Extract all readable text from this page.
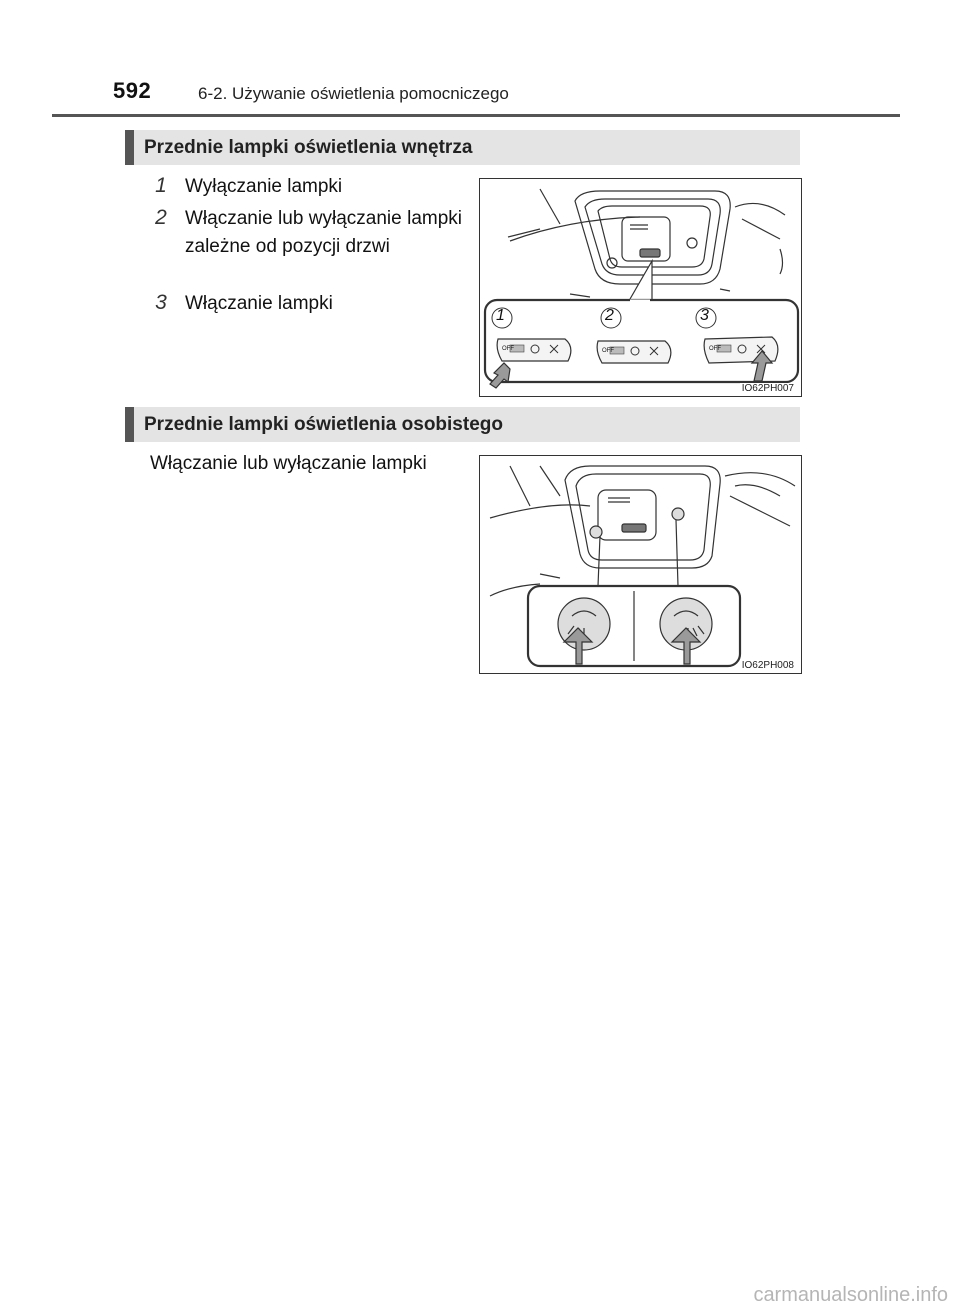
592	6-2. Używanie oświetlenia pomocniczego
Przednie lampki oświetlenia wnętrza
1 Wyłączanie lampki
2 Włączanie lub wyłączanie lampki zależne od pozycji drzwi
3 Włączanie lampki
1	2	3
OFF	OFF	OFF
IO62PH007
Przednie lampki oświetlenia osobistego
Włączanie lub wyłączanie lampki
IO62PH008
carmanualsonline.info
